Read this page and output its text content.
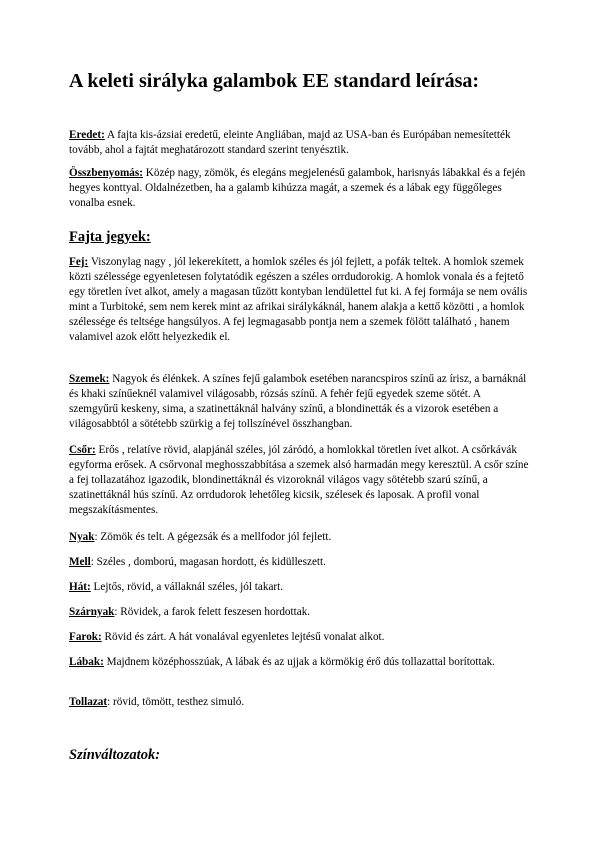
A keleti sirályka galambok EE standard leírása:

Eredet: A fajta kis-ázsiai eredetű, eleinte Angliában, majd az USA-ban és Európában nemesítették tovább, ahol a fajtát meghatározott standard szerint tenyésztik.

Összbenyomás: Közép nagy, zömök, és elegáns megjelenésű galambok, harisnyás lábakkal és a fején hegyes konttyal. Oldalnézetben, ha a galamb kihúzza magát, a szemek és a lábak egy függőleges vonalba esnek.

Fajta jegyek:

Fej: Viszonylag nagy , jól lekerekített, a homlok széles és jól fejlett, a pofák teltek. A homlok szemek közti szélessége egyenletesen folytatódik egészen a széles orrdudorokig. A homlok vonala és a fejtető egy töretlen ívet alkot, amely a magasan tűzött kontyban lendülettel fut ki. A fej formája se nem ovális mint a Turbitoké, sem nem kerek mint az afrikai sirálykáknál, hanem alakja a kettő közötti , a homlok szélessége és teltsége hangsúlyos. A fej legmagasabb pontja nem a szemek fölött található , hanem valamivel azok előtt helyezkedik el.

Szemek: Nagyok és élénkek. A színes fejű galambok esetében narancspiros színű az írisz, a barnáknál és khaki színűeknél valamivel világosabb, rózsás színű. A fehér fejű egyedek szeme sötét. A szemgyűrű keskeny, sima, a szatinettáknál halvány színű, a blondinetták és a vizorok esetében a világosabbtól a sötétebb szürkig a fej tollszínével összhangban.

Csőr: Erős , relatíve rövid, alapjánál széles, jól záródó, a homlokkal töretlen ívet alkot. A csőrkávák egyforma erősek. A csőrvonal meghosszabbítása a szemek alsó harmadán megy keresztül. A csőr színe a fej tollazatához igazodik, blondinettáknál és vizoroknál világos vagy sötétebb szarú színű, a szatinettáknál hús színű. Az orrdudorok lehetőleg kicsik, szélesek és laposak. A profil vonal megszakításmentes.

Nyak: Zömök és telt. A gégezsák és a mellfodor jól fejlett.

Mell: Széles , domború, magasan hordott, és kidülleszett.

Hát: Lejtős, rövid, a vállaknál széles, jól takart.

Szárnyak: Rövidek, a farok felett feszesen hordottak.

Farok: Rövid és zárt. A hát vonalával egyenletes lejtésű vonalat alkot.

Lábak: Majdnem középhosszúak, A lábak és az ujjak a körmökig érő dús tollazattal borítottak.

Tollazat: rövid, tömött, testhez simuló.

Színváltozatok:
